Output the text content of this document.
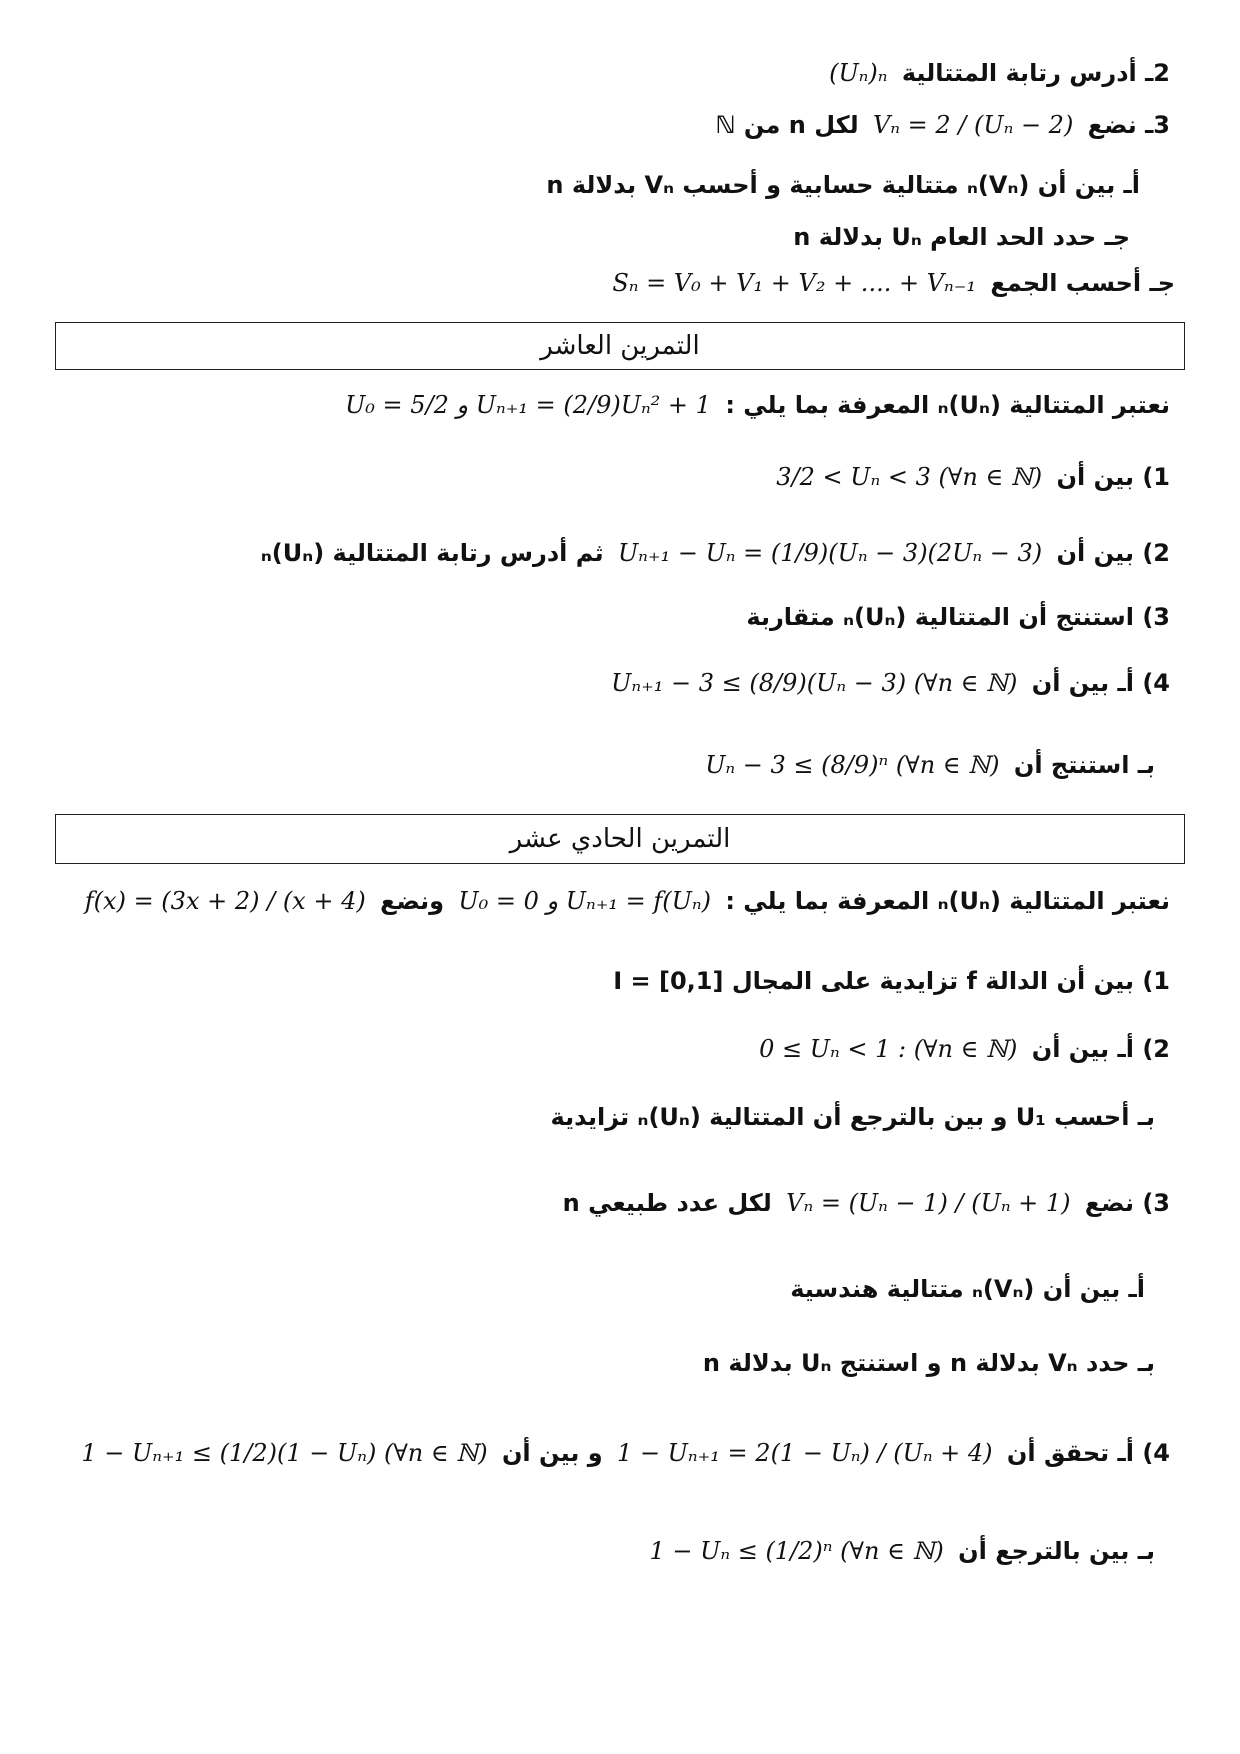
2ـ أدرس رتابة المتتالية (Uₙ)ₙ
3ـ نضع Vₙ = 2 / (Uₙ − 2) لكل n من ℕ
أـ بين أن (Vₙ)ₙ متتالية حسابية و أحسب Vₙ بدلالة n
جـ حدد الحد العام Uₙ بدلالة n
جـ أحسب الجمع Sₙ = V₀ + V₁ + V₂ + .... + Vₙ₋₁
التمرين العاشر
نعتبر المتتالية (Uₙ)ₙ المعرفة بما يلي : U₀ = 5/2 و Uₙ₊₁ = (2/9)Uₙ² + 1
1) بين أن 3/2 < Uₙ < 3 (∀n ∈ ℕ)
2) بين أن Uₙ₊₁ − Uₙ = (1/9)(Uₙ − 3)(2Uₙ − 3) ثم أدرس رتابة المتتالية (Uₙ)ₙ
3) استنتج أن المتتالية (Uₙ)ₙ متقاربة
4) أـ بين أن Uₙ₊₁ − 3 ≤ (8/9)(Uₙ − 3) (∀n ∈ ℕ)
بـ استنتج أن Uₙ − 3 ≤ (8/9)ⁿ (∀n ∈ ℕ)
التمرين الحادي عشر
نعتبر المتتالية (Uₙ)ₙ المعرفة بما يلي : U₀ = 0 و Uₙ₊₁ = f(Uₙ) ونضع f(x) = (3x + 2) / (x + 4)
1) بين أن الدالة f تزايدية على المجال I = [0,1]
2) أـ بين أن 0 ≤ Uₙ < 1 : (∀n ∈ ℕ)
بـ أحسب U₁ و بين بالترجع أن المتتالية (Uₙ)ₙ تزايدية
3) نضع Vₙ = (Uₙ − 1) / (Uₙ + 1) لكل عدد طبيعي n
أـ بين أن (Vₙ)ₙ متتالية هندسية
بـ حدد Vₙ بدلالة n و استنتج Uₙ بدلالة n
4) أـ تحقق أن 1 − Uₙ₊₁ = 2(1 − Uₙ) / (Uₙ + 4) و بين أن 1 − Uₙ₊₁ ≤ (1/2)(1 − Uₙ) (∀n ∈ ℕ)
بـ بين بالترجع أن 1 − Uₙ ≤ (1/2)ⁿ (∀n ∈ ℕ)
